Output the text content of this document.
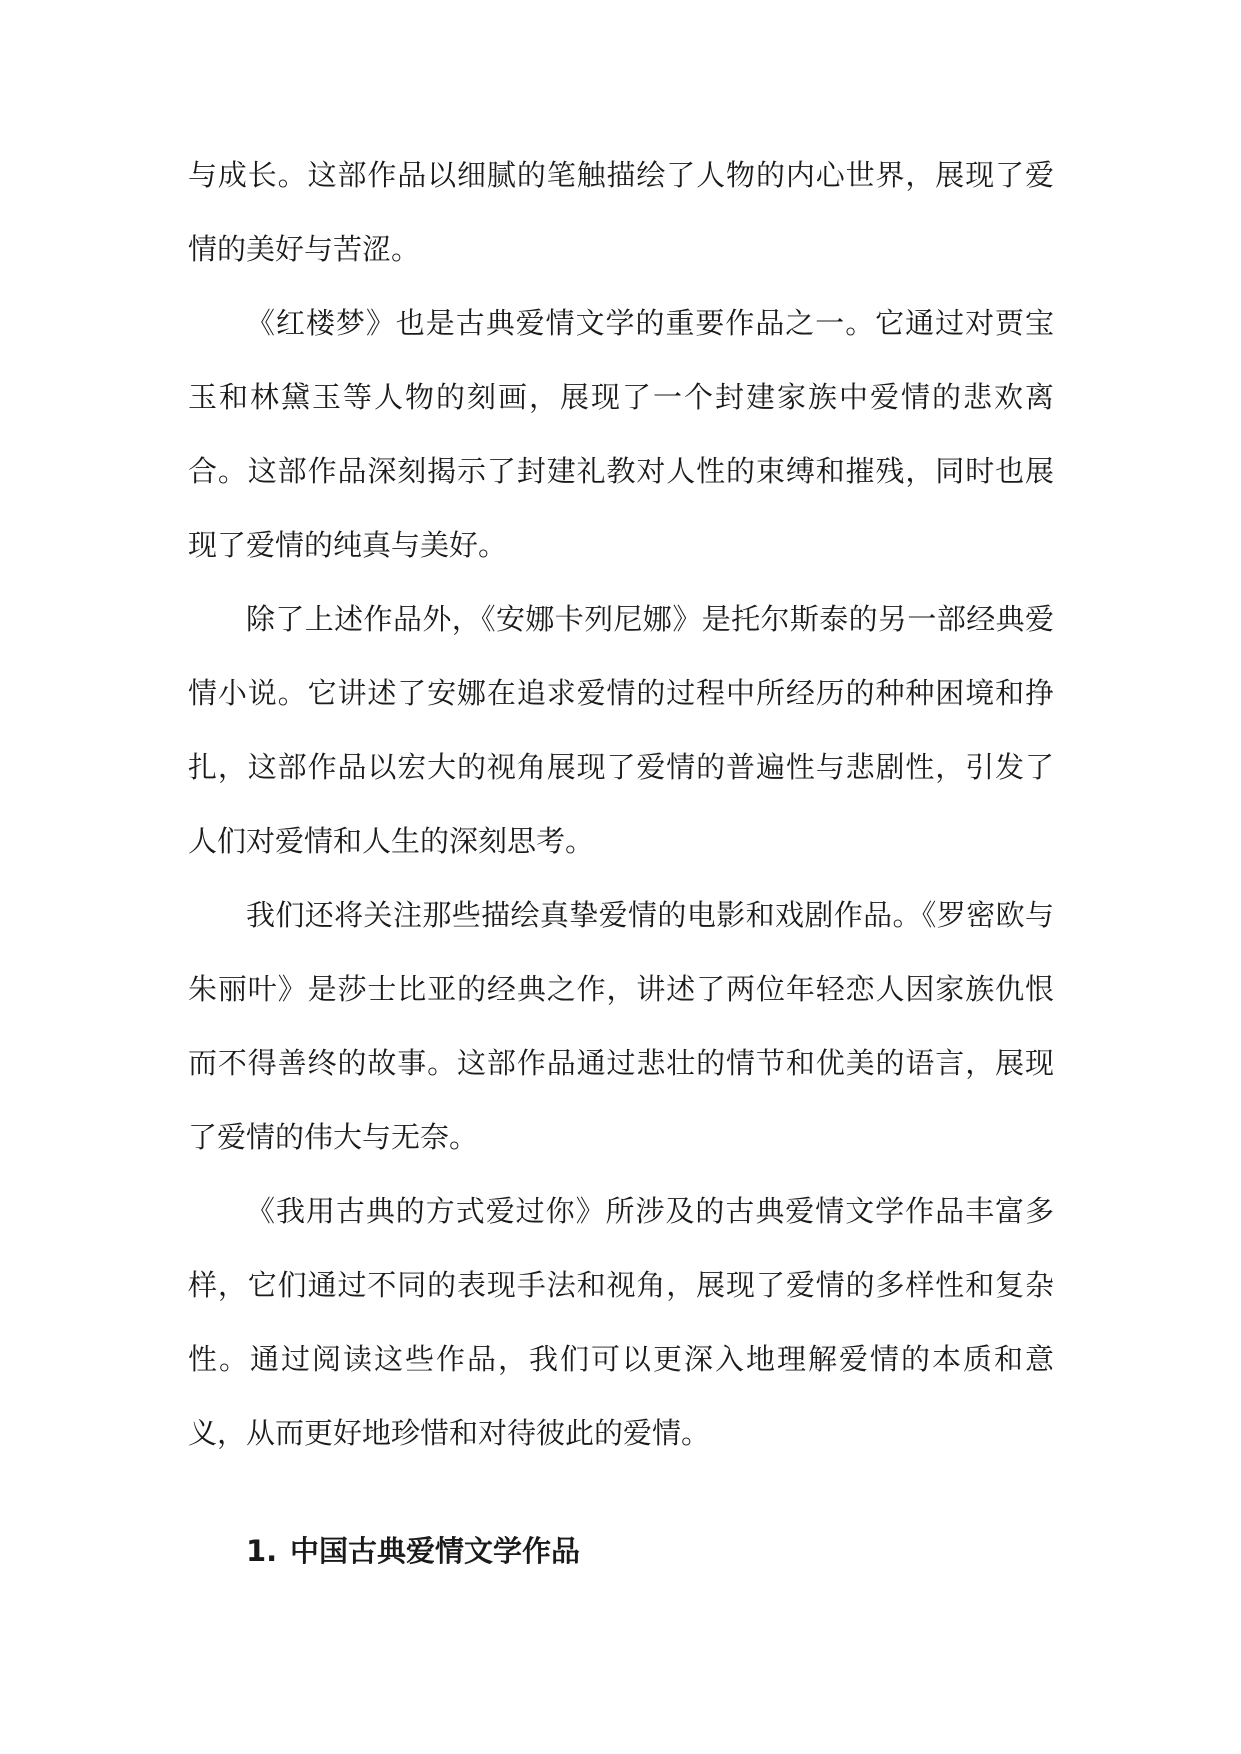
与成长。这部作品以细腻的笔触描绘了人物的内心世界，展现了爱情的美好与苦涩。

《红楼梦》也是古典爱情文学的重要作品之一。它通过对贾宝玉和林黛玉等人物的刻画，展现了一个封建家族中爱情的悲欢离合。这部作品深刻揭示了封建礼教对人性的束缚和摧残，同时也展现了爱情的纯真与美好。

除了上述作品外，《安娜卡列尼娜》是托尔斯泰的另一部经典爱情小说。它讲述了安娜在追求爱情的过程中所经历的种种困境和挣扎，这部作品以宏大的视角展现了爱情的普遍性与悲剧性，引发了人们对爱情和人生的深刻思考。

我们还将关注那些描绘真挚爱情的电影和戏剧作品。《罗密欧与朱丽叶》是莎士比亚的经典之作，讲述了两位年轻恋人因家族仇恨而不得善终的故事。这部作品通过悲壮的情节和优美的语言，展现了爱情的伟大与无奈。

《我用古典的方式爱过你》所涉及的古典爱情文学作品丰富多样，它们通过不同的表现手法和视角，展现了爱情的多样性和复杂性。通过阅读这些作品，我们可以更深入地理解爱情的本质和意义，从而更好地珍惜和对待彼此的爱情。

1. 中国古典爱情文学作品
